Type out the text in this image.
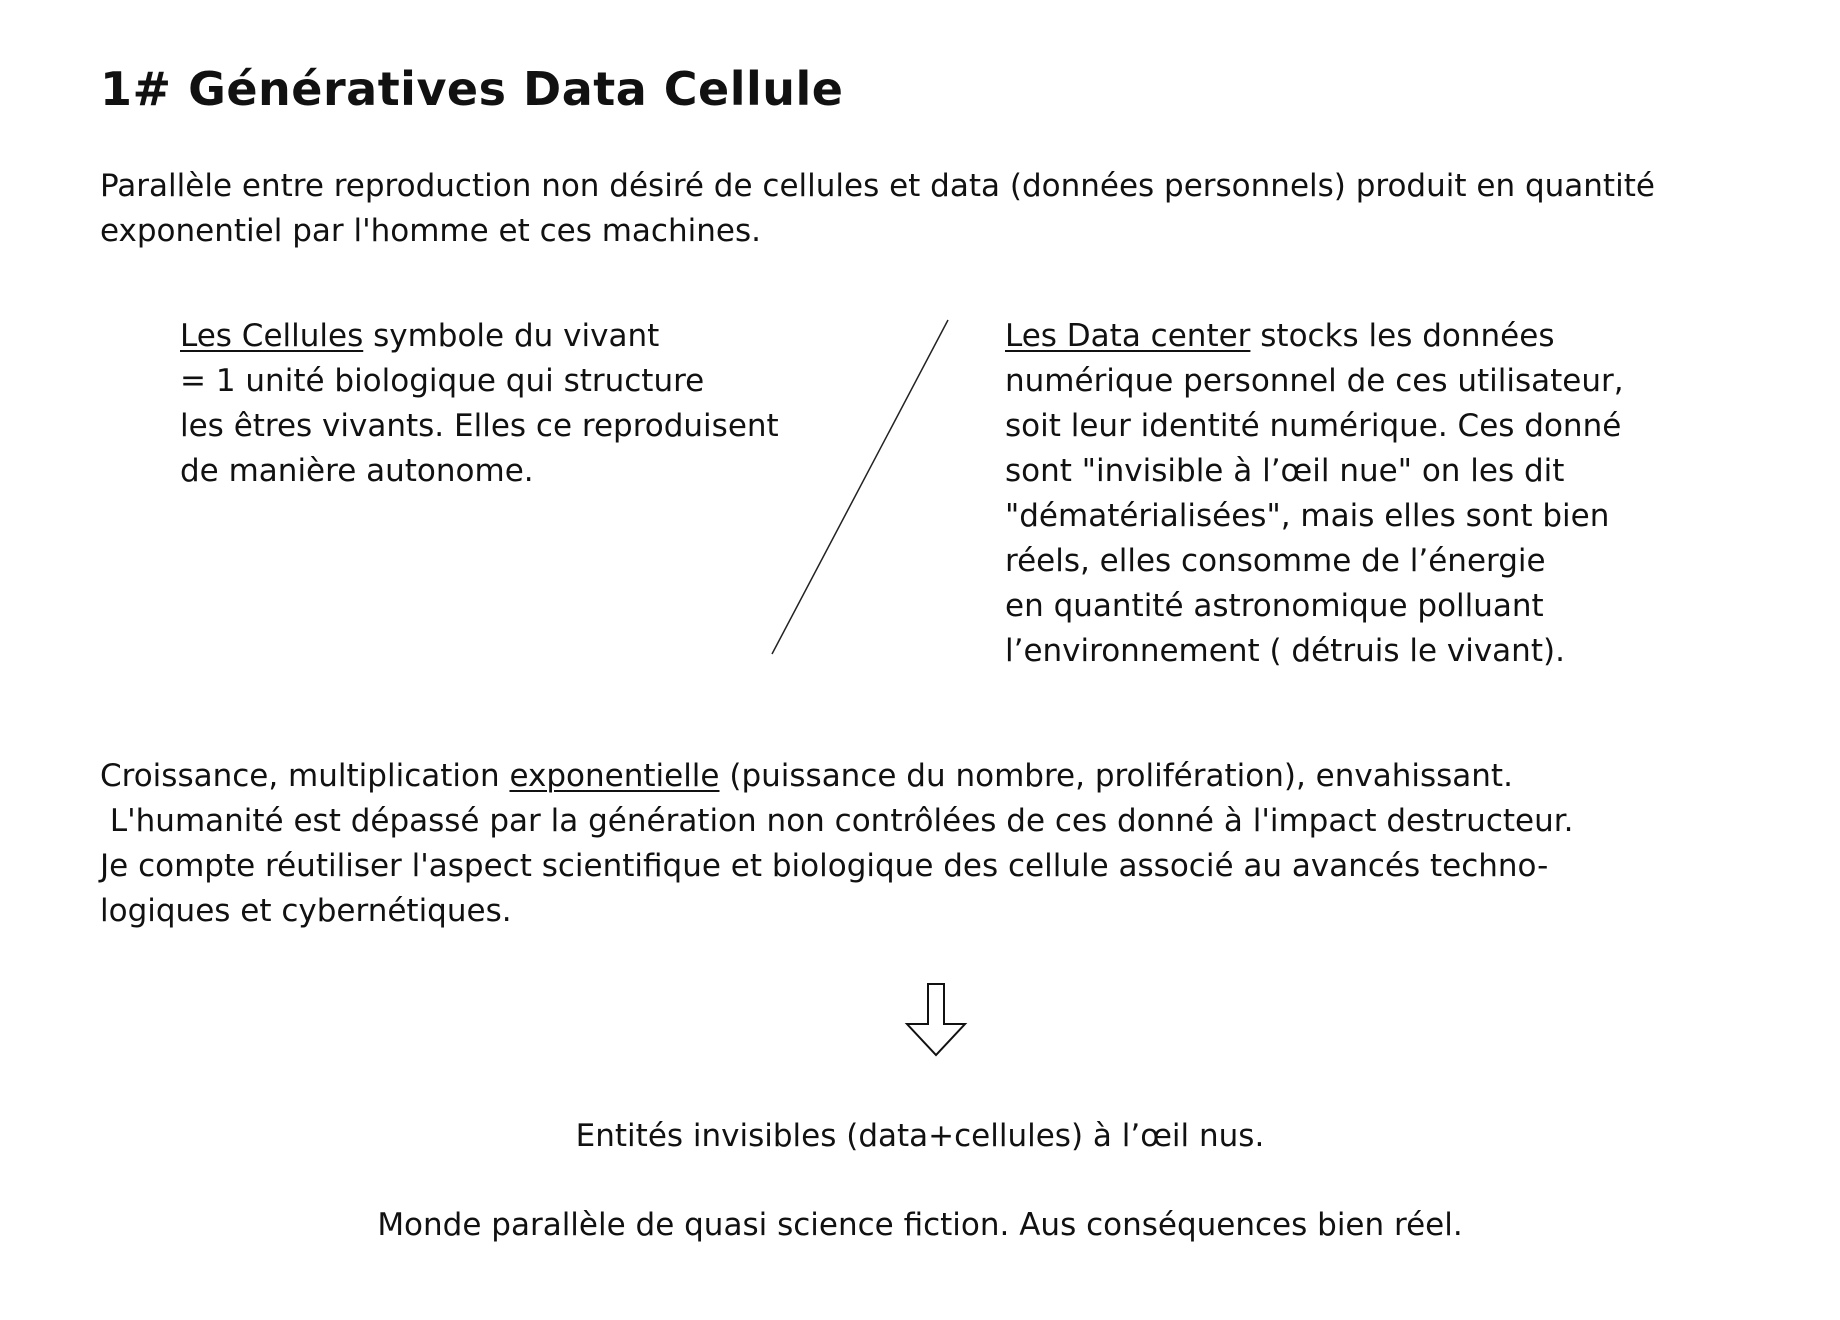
1# Génératives Data Cellule

Parallèle entre reproduction non désiré de cellules et data (données personnels) produit en quantité
exponentiel par l'homme et ces machines.

Les Cellules symbole du vivant
= 1 unité biologique qui structure
les êtres vivants. Elles ce reproduisent
de manière autonome.

Les Data center stocks les données
numérique personnel de ces utilisateur,
soit leur identité numérique. Ces donné
sont "invisible à l’œil nue" on les dit
"dématérialisées", mais elles sont bien
réels, elles consomme de l’énergie
en quantité astronomique polluant
l’environnement ( détruis le vivant).

Croissance, multiplication exponentielle (puissance du nombre, prolifération), envahissant.
L'humanité est dépassé par la génération non contrôlées de ces donné à l'impact destructeur.
Je compte réutiliser l'aspect scientifique et biologique des cellule associé au avancés techno-
logiques et cybernétiques.

Entités invisibles (data+cellules) à l’œil nus.

Monde parallèle de quasi science fiction. Aus conséquences bien réel.
